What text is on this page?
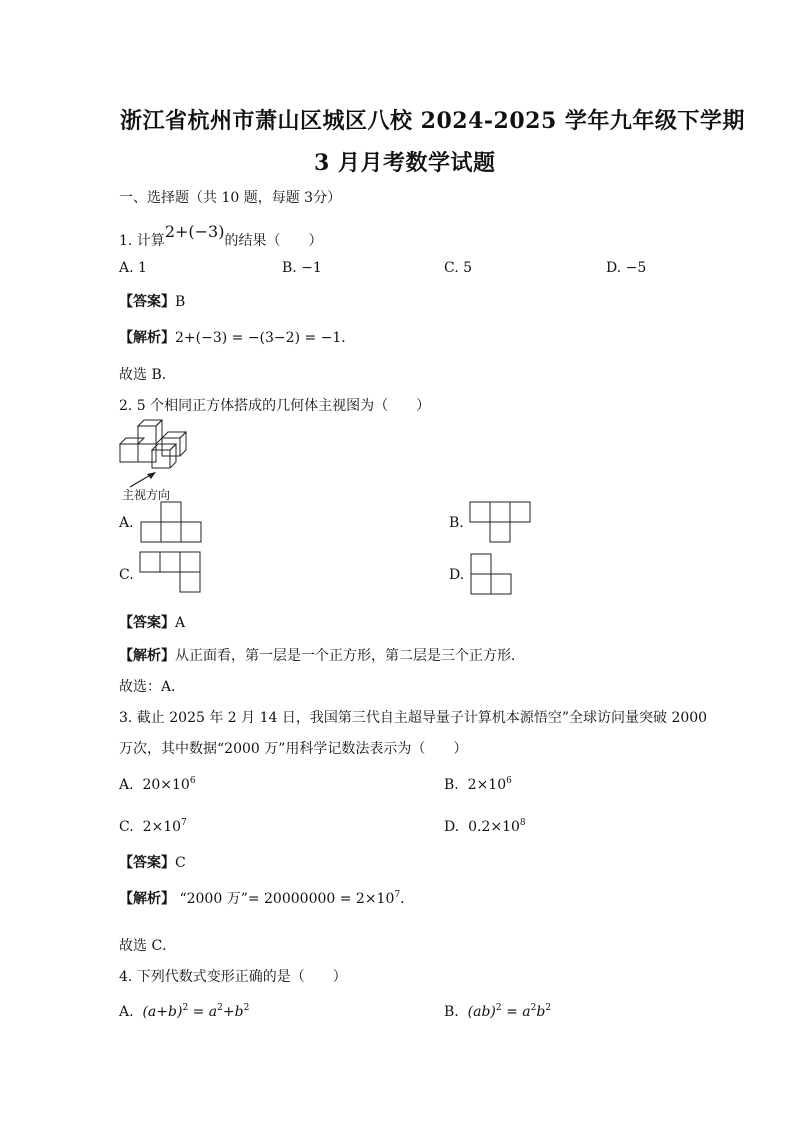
浙江省杭州市萧山区城区八校 2024-2025 学年九年级下学期
3 月月考数学试题
一、选择题（共 10 题，每题 3分）
1. 计算2+(−3)的结果（　　）
A. 1	B. −1	C. 5	D. −5
【答案】B
【解析】2+(−3) = −(3−2) = −1．
故选 B．
2. 5 个相同正方体搭成的几何体主视图为（　　）
主视方向
A.	B.
C.	D.
【答案】A
【解析】从正面看，第一层是一个正方形，第二层是三个正方形．
故选：A．
3. 截止 2025 年 2 月 14 日，我国第三代自主超导量子计算机本源悟空”全球访问量突破 2000
万次，其中数据“2000 万”用科学记数法表示为（　　）
A. $20\times 10^6$	B. $2\times 10^6$
C. $2\times 10^7$	D. $0.2\times 10^8$
【答案】C
【解析】 “2000 万”= $20000000 = 2\times 10^7$．
故选 C．
4. 下列代数式变形正确的是（　　）
A. $(a+b)^2 = a^2+b^2$	B. $(ab)^2 = a^2b^2$
